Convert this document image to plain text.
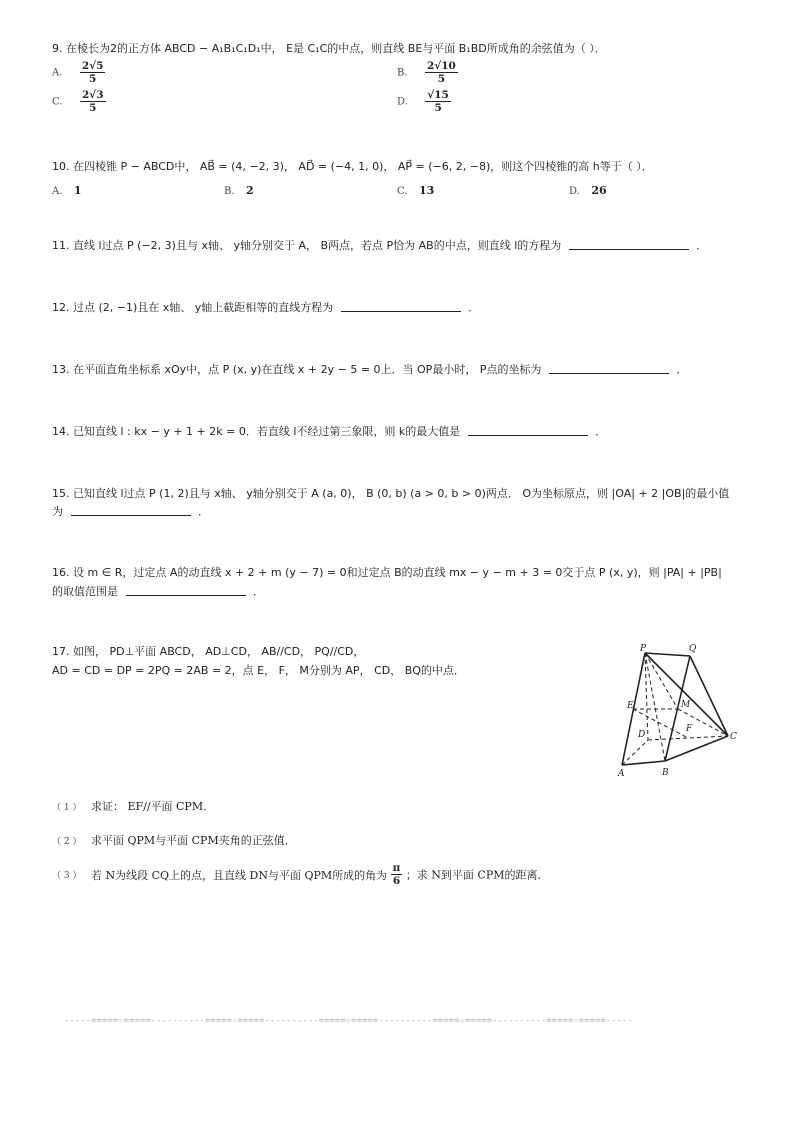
9. 在棱长为2的正方体 ABCD − A₁B₁C₁D₁中， E是 C₁C的中点，则直线 BE与平面 B₁BD所成角的余弦值为（ ）．
A. $\frac{2√5}{5}$	B. $\frac{2√10}{5}$
C. $\frac{2√3}{5}$	D. $\frac{√15}{5}$
10. 在四棱锥 P − ABCD中， AB⃗ = (4, −2, 3)， AD⃗ = (−4, 1, 0)， AP⃗ = (−6, 2, −8)，则这个四棱锥的高 h等于（ ）．
A. 1	B. 2	C. 13	D. 26
11. 直线 l过点 P (−2, 3)且与 x轴、 y轴分别交于 A， B两点，若点 P恰为 AB的中点，则直线 l的方程为	．
12. 过点 (2, −1)且在 x轴、 y轴上截距相等的直线方程为	．
13. 在平面直角坐标系 xOy中，点 P (x, y)在直线 x + 2y − 5 = 0上．当 OP最小时， P点的坐标为	．
14. 已知直线 l : kx − y + 1 + 2k = 0．若直线 l不经过第三象限，则 k的最大值是	．
15. 已知直线 l过点 P (1, 2)且与 x轴、 y轴分别交于 A (a, 0)， B (0, b) (a > 0, b > 0)两点． O为坐标原点，则 |OA| + 2 |OB|的最小值
为	．
16. 设 m ∈ R，过定点 A的动直线 x + 2 + m (y − 7) = 0和过定点 B的动直线 mx − y − m + 3 = 0交于点 P (x, y)，则 |PA| + |PB|
的取值范围是	．
17. 如图， PD⊥平面 ABCD， AD⊥CD， AB//CD， PQ//CD，
AD = CD = DP = 2PQ = 2AB = 2，点 E， F， M分别为 AP， CD， BQ的中点．
P	Q
E	M
D
F
C
A	B
（ 1 ） 求证： EF//平面 CPM．
（ 2 ） 求平面 QPM与平面 CPM夹角的正弦值．
（ 3 ） 若 N为线段 CQ上的点，且直线 DN与平面 QPM所成的角为 $\frac{\pi}{6}$ ；求 N到平面 CPM的距离．
-----=====☆=====----------=====☆=====----------=====☆=====----------=====☆=====----------=====☆=====-----
